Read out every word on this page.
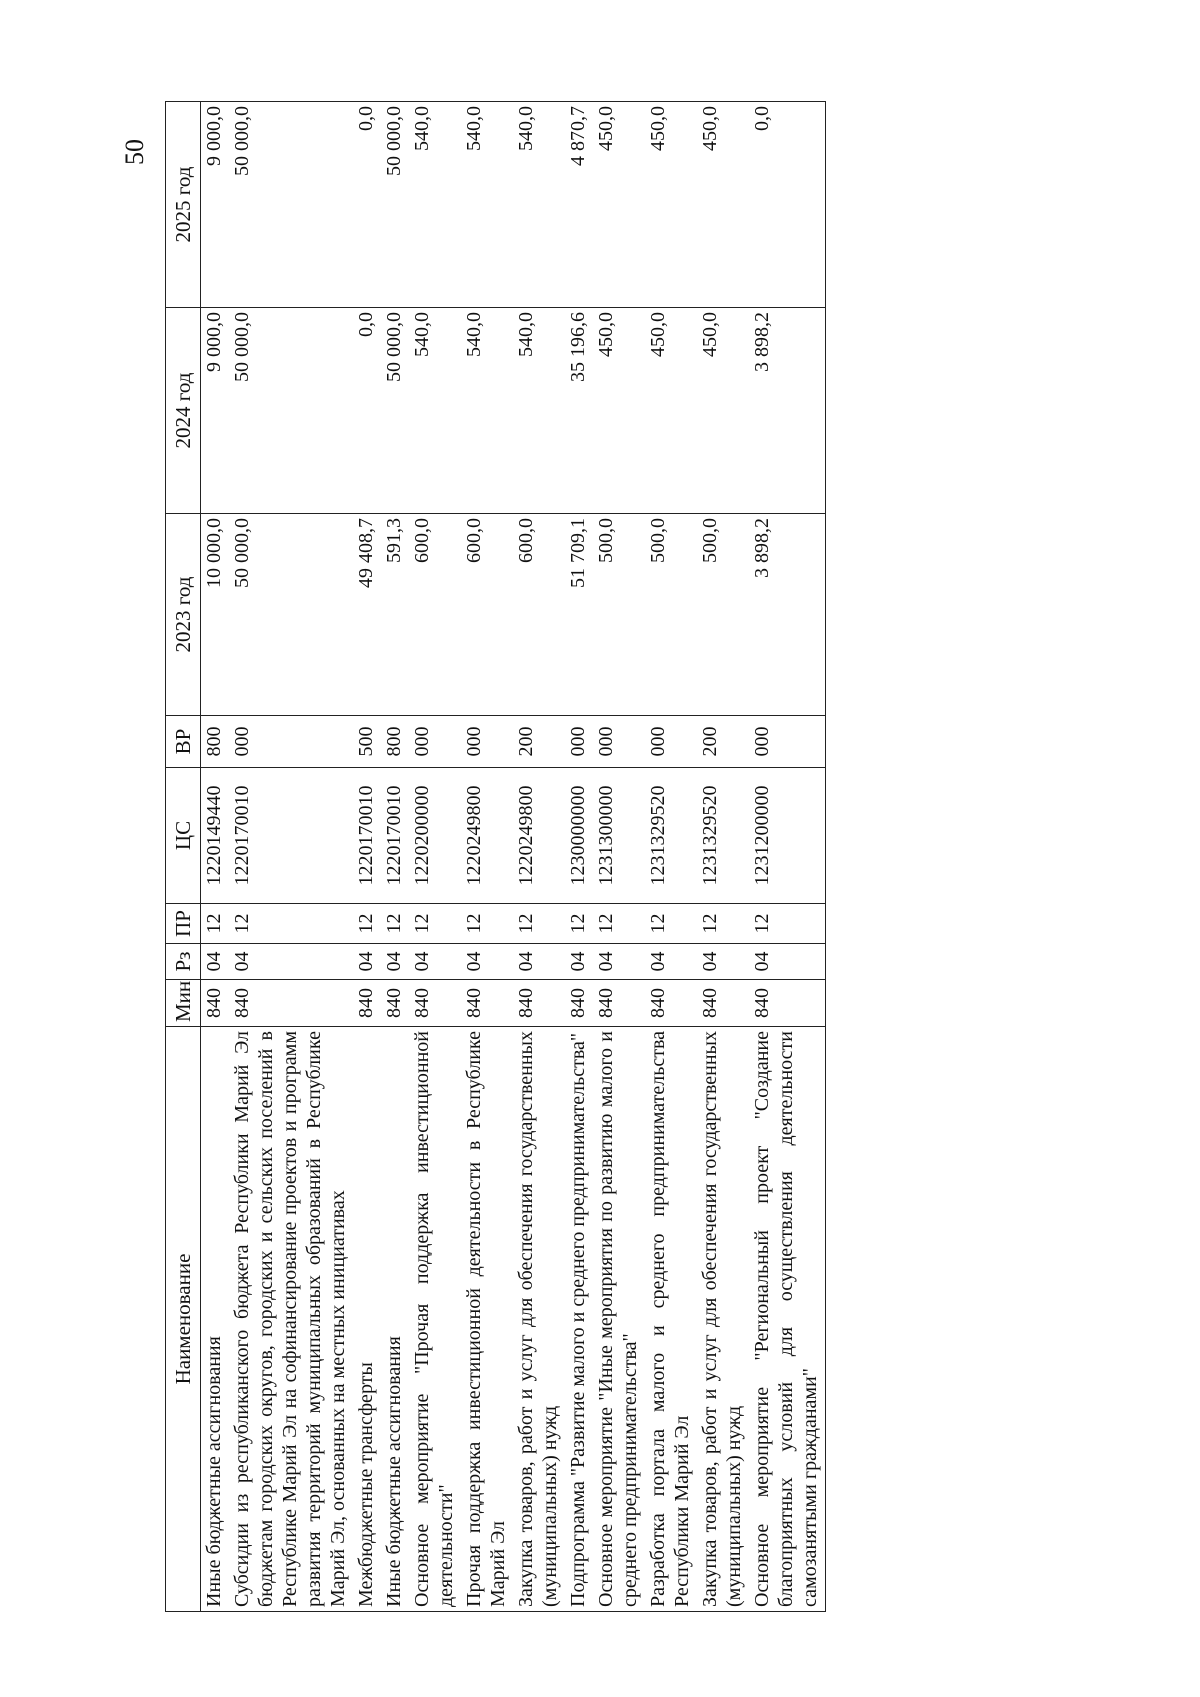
50
Наименование	Мин	Рз	ПР	ЦС	ВР	2023 год	2024 год	2025 год
Иные бюджетные ассигнования	840	04	12	1220149440	800	10 000,0	9 000,0	9 000,0
Субсидии из республиканского бюджета Республики Марий Эл бюджетам городских округов, городских и сельских поселений в Республике Марий Эл на софинансирование проектов и программ развития территорий муниципальных образований в Республике Марий Эл, основанных на местных инициативах	840	04	12	1220170010	000	50 000,0	50 000,0	50 000,0
Межбюджетные трансферты	840	04	12	1220170010	500	49 408,7	0,0	0,0
Иные бюджетные ассигнования	840	04	12	1220170010	800	591,3	50 000,0	50 000,0
Основное мероприятие "Прочая поддержка инвестиционной деятельности"	840	04	12	1220200000	000	600,0	540,0	540,0
Прочая поддержка инвестиционной деятельности в Республике Марий Эл	840	04	12	1220249800	000	600,0	540,0	540,0
Закупка товаров, работ и услуг для обеспечения государственных (муниципальных) нужд	840	04	12	1220249800	200	600,0	540,0	540,0
Подпрограмма "Развитие малого и среднего предпринимательства"	840	04	12	1230000000	000	51 709,1	35 196,6	4 870,7
Основное мероприятие "Иные мероприятия по развитию малого и среднего предпринимательства"	840	04	12	1231300000	000	500,0	450,0	450,0
Разработка портала малого и среднего предпринимательства Республики Марий Эл	840	04	12	1231329520	000	500,0	450,0	450,0
Закупка товаров, работ и услуг для обеспечения государственных (муниципальных) нужд	840	04	12	1231329520	200	500,0	450,0	450,0
Основное мероприятие "Региональный проект "Создание благоприятных условий для осуществления деятельности самозанятыми гражданами"	840	04	12	1231200000	000	3 898,2	3 898,2	0,0
